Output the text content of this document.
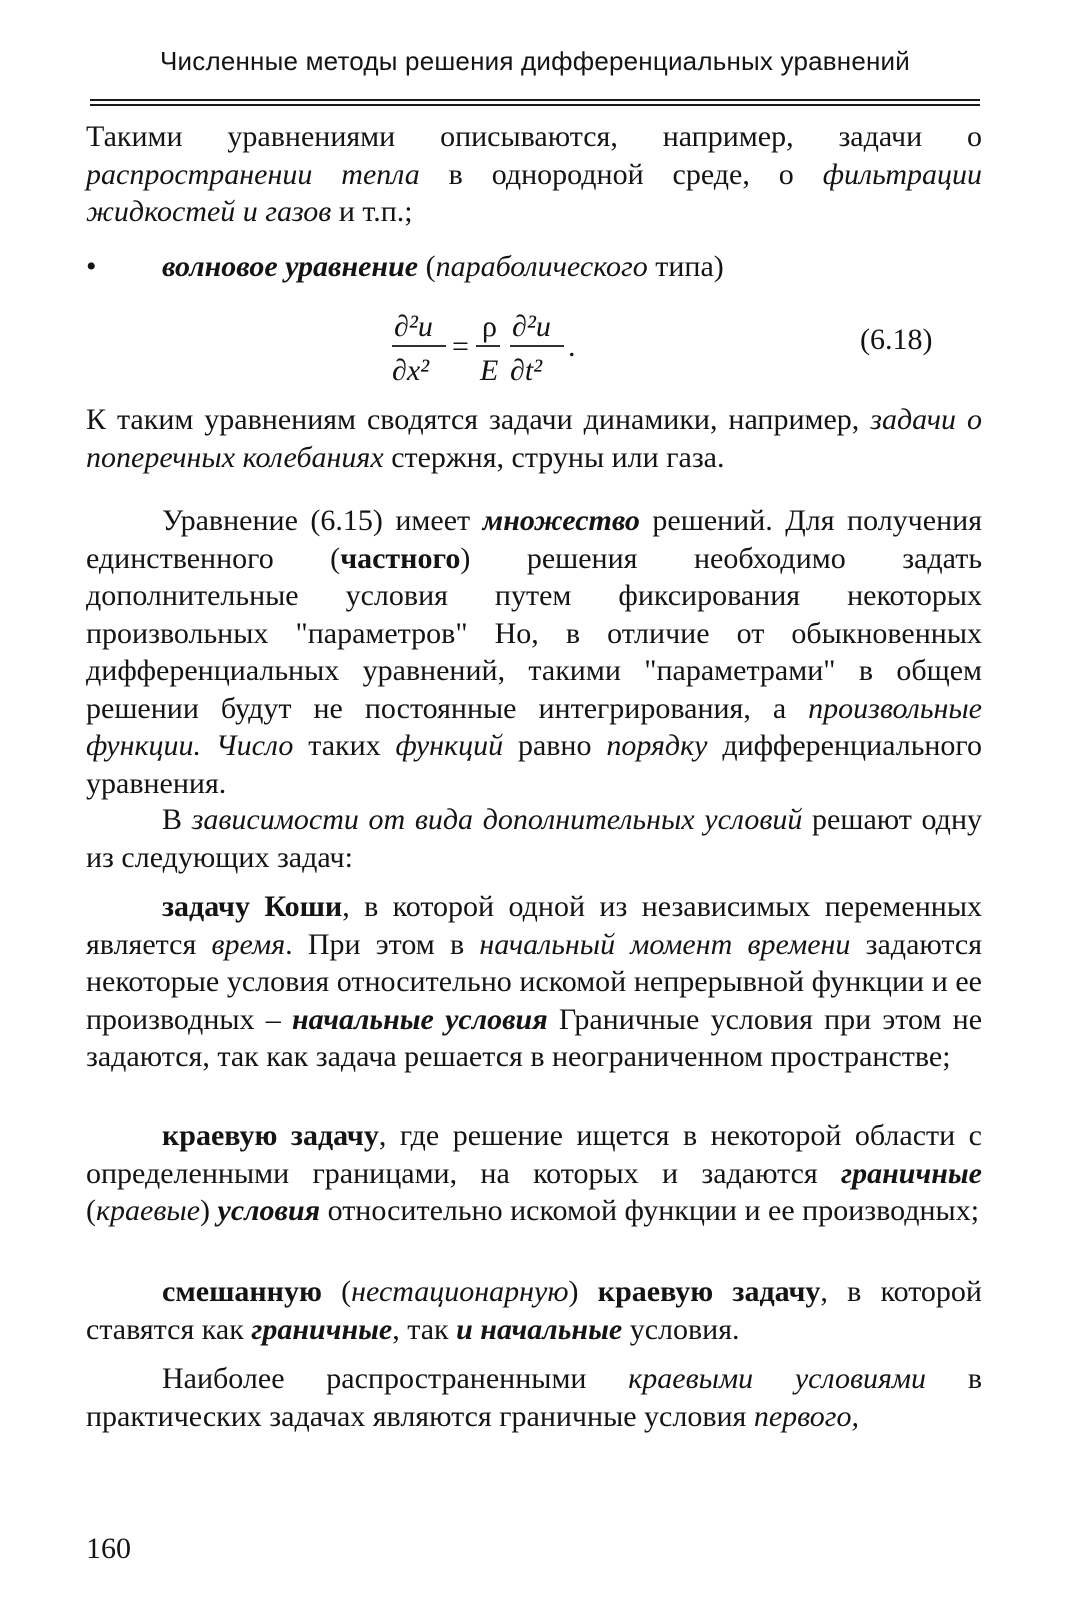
Численные методы решения дифференциальных уравнений

Такими уравнениями описываются, например, задачи о распространении тепла в однородной среде, о фильтрации жидкостей и газов и т.п.;

• волновое уравнение (параболического типа)
∂²u
∂x²
=
ρ
E
∂²u
∂t²
.	(6.18)

К таким уравнениям сводятся задачи динамики, например, задачи о поперечных колебаниях стержня, струны или газа.

Уравнение (6.15) имеет множество решений. Для получения единственного (частного) решения необходимо задать дополнительные условия путем фиксирования некоторых произвольных "параметров" Но, в отличие от обыкновенных дифференциальных уравнений, такими "параметрами" в общем решении будут не постоянные интегрирования, а произвольные функции. Число таких функций равно порядку дифференциального уравнения.

В зависимости от вида дополнительных условий решают одну из следующих задач:

задачу Коши, в которой одной из независимых переменных является время. При этом в начальный момент времени задаются некоторые условия относительно искомой непрерывной функции и ее производных – начальные условия Граничные условия при этом не задаются, так как задача решается в неограниченном пространстве;

краевую задачу, где решение ищется в некоторой области с определенными границами, на которых и задаются граничные (краевые) условия относительно искомой функции и ее производных;

смешанную (нестационарную) краевую задачу, в которой ставятся как граничные, так и начальные условия.

Наиболее распространенными краевыми условиями в практических задачах являются граничные условия первого,

160
